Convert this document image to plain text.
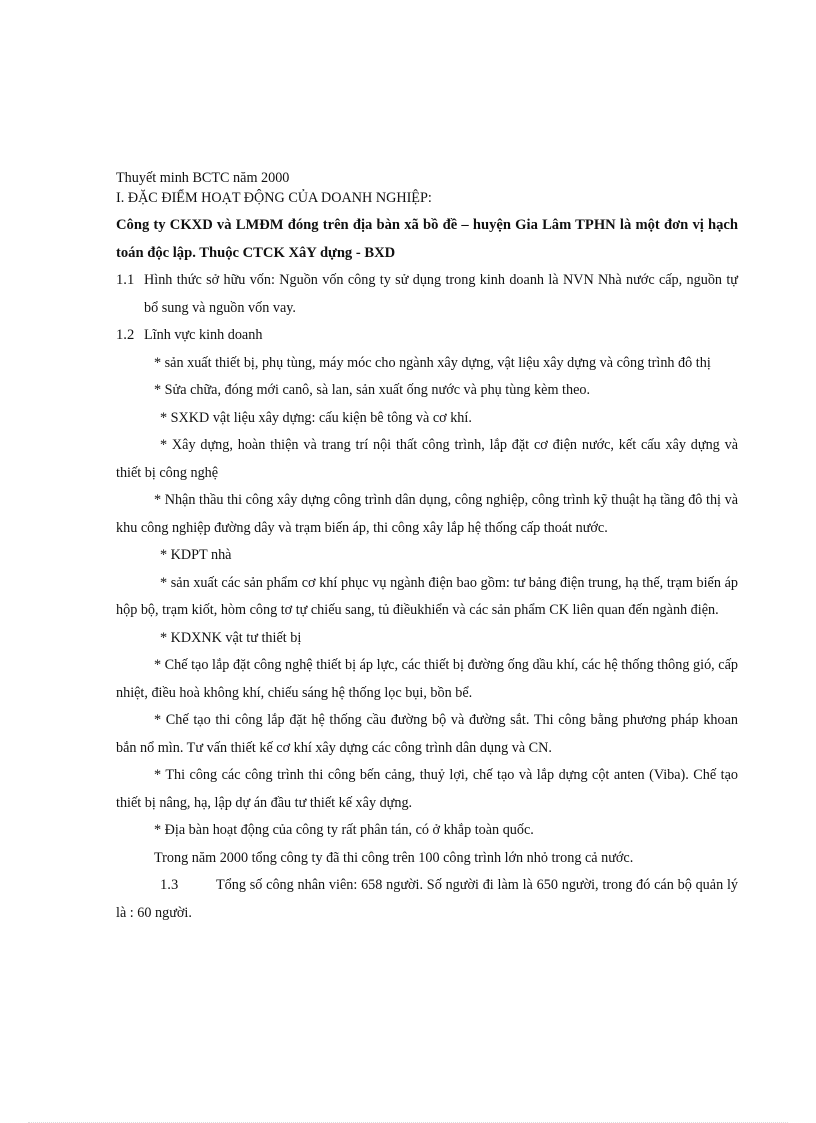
Thuyết minh BCTC năm 2000

I. ĐẶC ĐIỂM HOẠT ĐỘNG CỦA DOANH NGHIỆP:

Công ty CKXD và LMĐM đóng trên địa bàn xã bồ đề – huyện Gia Lâm TPHN là một đơn vị hạch toán độc lập. Thuộc CTCK XâY dựng - BXD

1.1 Hình thức sở hữu vốn: Nguồn vốn công ty sử dụng trong kinh doanh là NVN Nhà nước cấp, nguồn tự bổ sung và nguồn vốn vay.
1.2 Lĩnh vực kinh doanh

* sản xuất thiết bị, phụ tùng, máy móc cho ngành xây dựng, vật liệu xây dựng và công trình đô thị

* Sửa chữa, đóng mới canô, sà lan, sản xuất ống nước và phụ tùng kèm theo.

* SXKD vật liệu xây dựng: cấu kiện bê tông và cơ khí.

* Xây dựng, hoàn thiện và trang trí nội thất công trình, lắp đặt cơ điện nước, kết cấu xây dựng và thiết bị công nghệ

* Nhận thầu thi công xây dựng công trình dân dụng, công nghiệp, công trình kỹ thuật hạ tầng đô thị và khu công nghiệp đường dây và trạm biến áp, thi công xây lắp hệ thống cấp thoát nước.

* KDPT nhà

* sản xuất các sản phẩm cơ khí phục vụ ngành điện bao gồm: tư bảng điện trung, hạ thế, trạm biến áp hộp bộ, trạm kiốt, hòm công tơ tự chiếu sang, tủ điềukhiển và các sản phẩm CK liên quan đến ngành điện.

* KDXNK vật tư thiết bị

* Chế tạo lắp đặt công nghệ thiết bị áp lực, các thiết bị đường ống dầu khí, các hệ thống thông gió, cấp nhiệt, điều hoà không khí, chiếu sáng hệ thống lọc bụi, bồn bể.

* Chế tạo thi công lắp đặt hệ thống cầu đường bộ và đường sắt. Thi công bằng phương pháp khoan bắn nổ mìn. Tư vấn thiết kế cơ khí xây dựng các công trình dân dụng và CN.

* Thi công các công trình thi công bến cảng, thuỷ lợi, chế tạo và lắp dựng cột anten (Viba). Chế tạo thiết bị nâng, hạ, lập dự án đầu tư thiết kế xây dựng.

* Địa bàn hoạt động của công ty rất phân tán, có ở khắp toàn quốc.

Trong năm 2000 tổng công ty đã thi công trên 100 công trình lớn nhỏ trong cả nước.

1.3	Tổng số công nhân viên: 658 người. Số người đi làm là 650 người, trong đó cán bộ quản lý là : 60 người.
